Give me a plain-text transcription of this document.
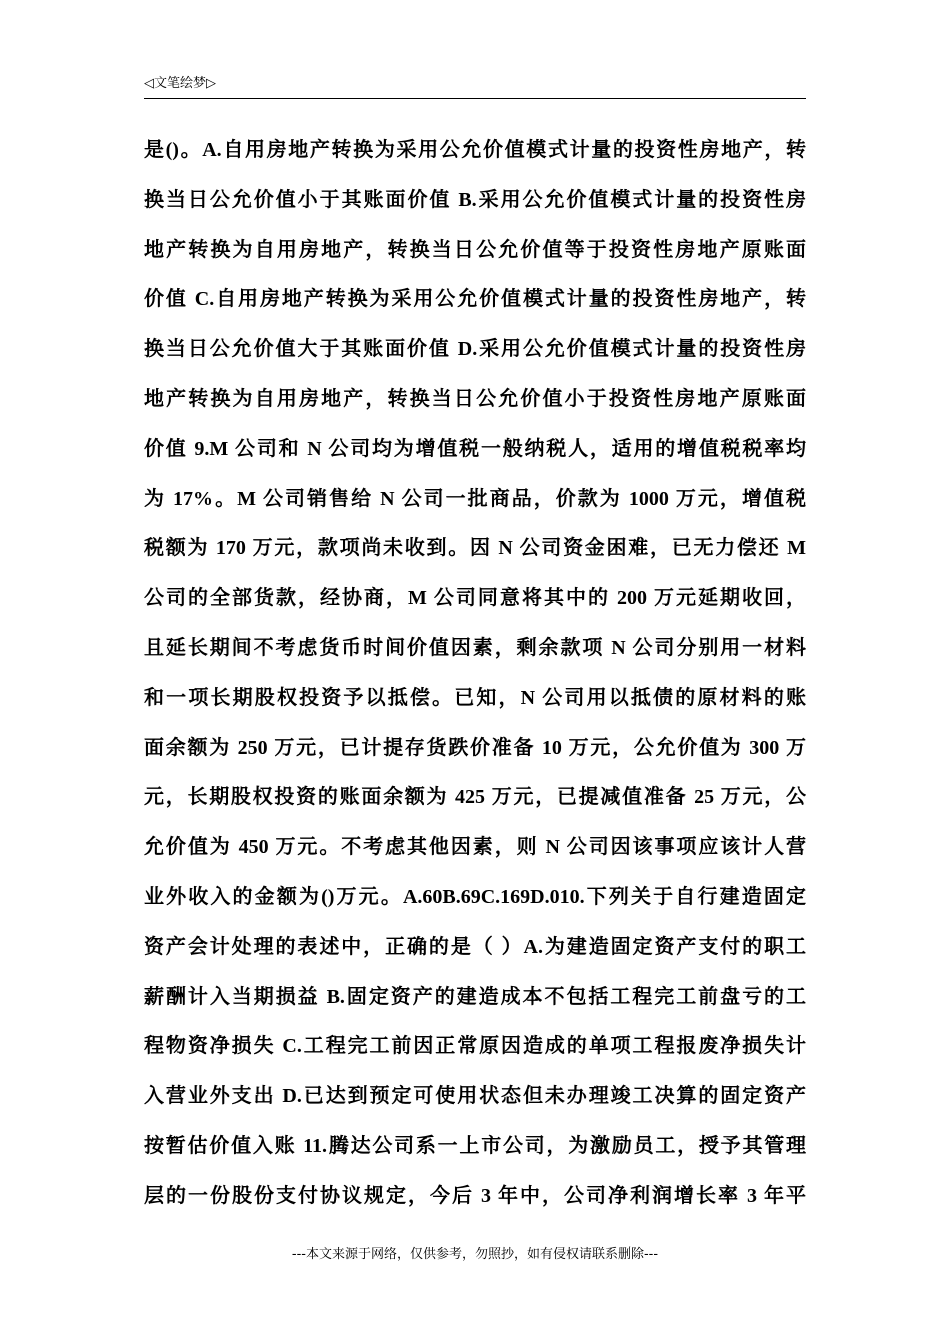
◁文笔绘梦▷
是()。A.自用房地产转换为采用公允价值模式计量的投资性房地产，转
换当日公允价值小于其账面价值 B.采用公允价值模式计量的投资性房
地产转换为自用房地产，转换当日公允价值等于投资性房地产原账面
价值 C.自用房地产转换为采用公允价值模式计量的投资性房地产，转
换当日公允价值大于其账面价值 D.采用公允价值模式计量的投资性房
地产转换为自用房地产，转换当日公允价值小于投资性房地产原账面
价值 9.M 公司和 N 公司均为增值税一般纳税人，适用的增值税税率均
为 17%。M 公司销售给 N 公司一批商品，价款为 1000 万元，增值税
税额为 170 万元，款项尚未收到。因 N 公司资金困难，已无力偿还 M
公司的全部货款，经协商，M 公司同意将其中的 200 万元延期收回，
且延长期间不考虑货币时间价值因素，剩余款项 N 公司分别用一材料
和一项长期股权投资予以抵偿。已知，N 公司用以抵债的原材料的账
面余额为 250 万元，已计提存货跌价准备 10 万元，公允价值为 300 万
元，长期股权投资的账面余额为 425 万元，已提减值准备 25 万元，公
允价值为 450 万元。不考虑其他因素，则 N 公司因该事项应该计人营
业外收入的金额为()万元。A.60B.69C.169D.010.下列关于自行建造固定
资产会计处理的表述中，正确的是（ ）A.为建造固定资产支付的职工
薪酬计入当期损益 B.固定资产的建造成本不包括工程完工前盘亏的工
程物资净损失 C.工程完工前因正常原因造成的单项工程报废净损失计
入营业外支出 D.已达到预定可使用状态但未办理竣工决算的固定资产
按暂估价值入账 11.腾达公司系一上市公司，为激励员工，授予其管理
层的一份股份支付协议规定，今后 3 年中，公司净利润增长率 3 年平
---本文来源于网络，仅供参考，勿照抄，如有侵权请联系删除---
